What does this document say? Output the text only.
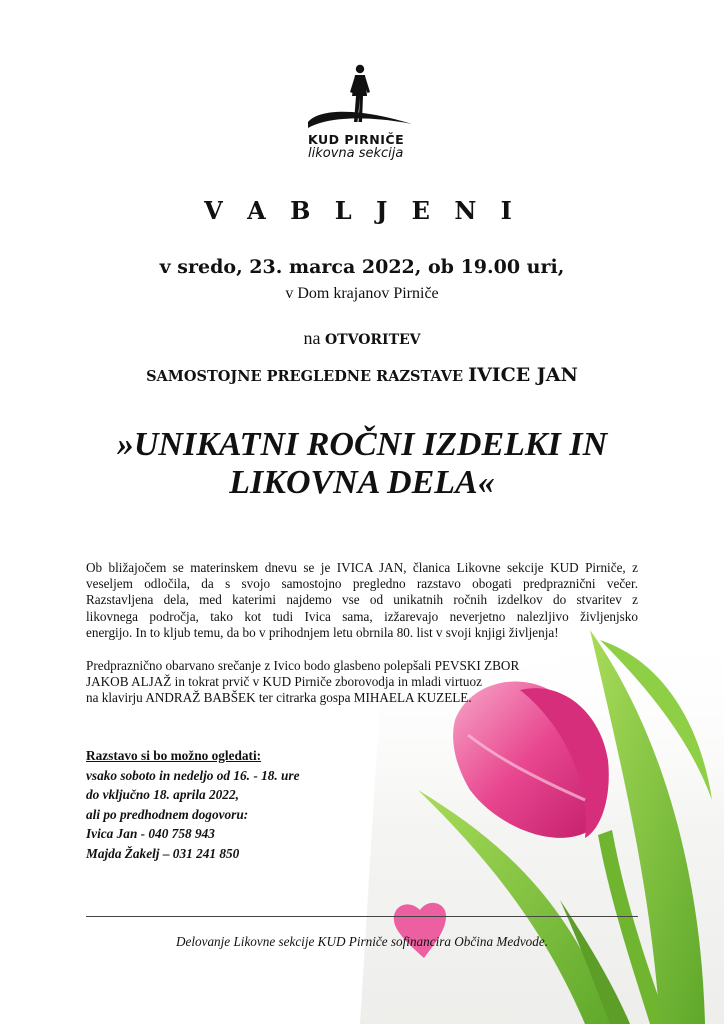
KUD PIRNIČE
likovna sekcija
V A B L J E N I
v sredo, 23. marca 2022, ob 19.00 uri,
v Dom krajanov Pirniče
na OTVORITEV
SAMOSTOJNE PREGLEDNE RAZSTAVE IVICE JAN
»UNIKATNI ROČNI IZDELKI IN
LIKOVNA DELA«
Ob bližajočem se materinskem dnevu se je IVICA JAN, članica Likovne sekcije KUD Pirniče, z
veseljem odločila, da s svojo samostojno pregledno razstavo obogati predpraznični večer.
Razstavljena dela, med katerimi najdemo vse od unikatnih ročnih izdelkov do stvaritev z
likovnega področja, tako kot tudi Ivica sama, izžarevajo neverjetno nalezljivo življenjsko
energijo. In to kljub temu, da bo v prihodnjem letu obrnila 80. list v svoji knjigi življenja!
Predpraznično obarvano srečanje z Ivico bodo glasbeno polepšali PEVSKI ZBOR
JAKOB ALJAŽ in tokrat prvič v KUD Pirniče zborovodja in mladi virtuoz
na klavirju ANDRAŽ BABŠEK ter citrarka gospa MIHAELA KUZELE.
Razstavo si bo možno ogledati:
vsako soboto in nedeljo od 16. - 18. ure
do vključno 18. aprila 2022,
ali po predhodnem dogovoru:
Ivica Jan - 040 758 943
Majda Žakelj – 031 241 850
Delovanje Likovne sekcije KUD Pirniče sofinancira Občina Medvode.
